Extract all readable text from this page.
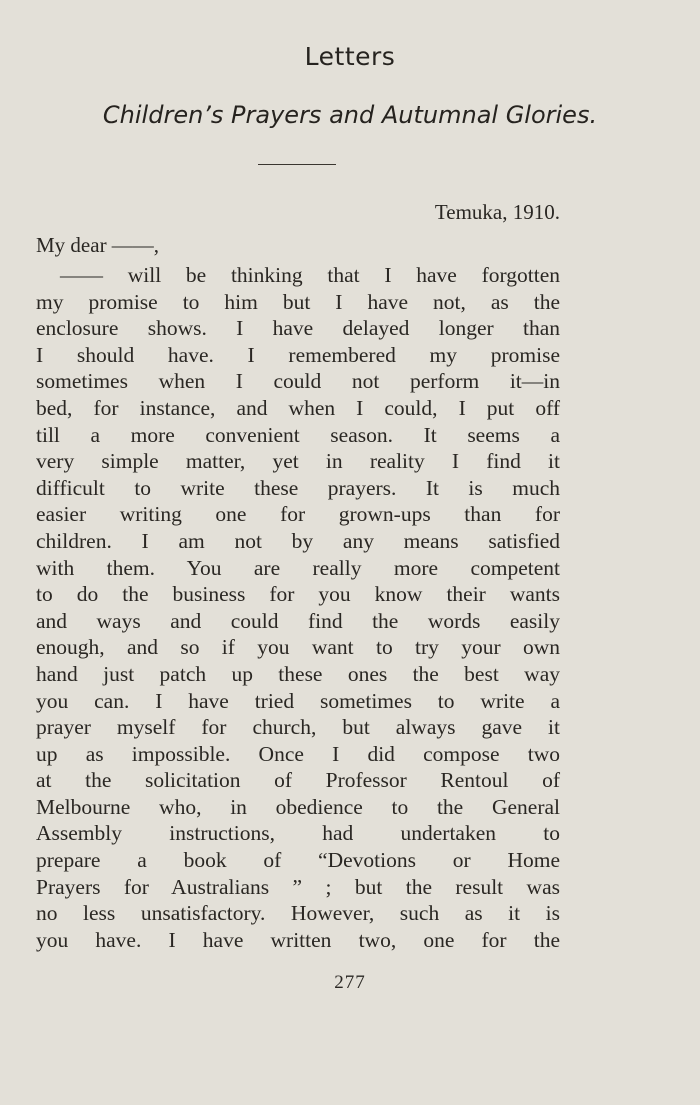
Letters
Children’s Prayers and Autumnal Glories.
Temuka, 1910.
My dear ——,
—— will be thinking that I have forgotten
my promise to him but I have not, as the
enclosure shows. I have delayed longer than
I should have. I remembered my promise
sometimes when I could not perform it—in
bed, for instance, and when I could, I put off
till a more convenient season. It seems a
very simple matter, yet in reality I find it
difficult to write these prayers. It is much
easier writing one for grown-ups than for
children. I am not by any means satisfied
with them. You are really more competent
to do the business for you know their wants
and ways and could find the words easily
enough, and so if you want to try your own
hand just patch up these ones the best way
you can. I have tried sometimes to write a
prayer myself for church, but always gave it
up as impossible. Once I did compose two
at the solicitation of Professor Rentoul of
Melbourne who, in obedience to the General
Assembly instructions, had undertaken to
prepare a book of “Devotions or Home
Prayers for Australians ” ; but the result was
no less unsatisfactory. However, such as it is
you have. I have written two, one for the
277
